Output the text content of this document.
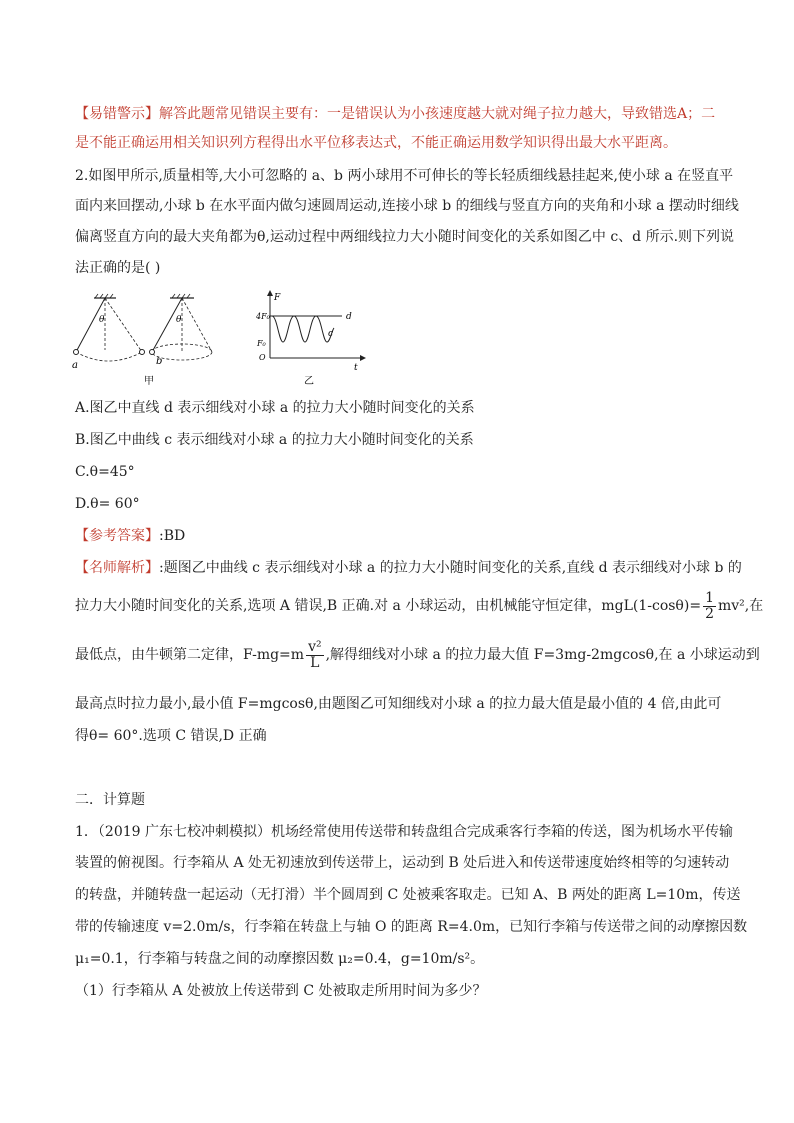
【易错警示】解答此题常见错误主要有：一是错误认为小孩速度越大就对绳子拉力越大，导致错选A；二
是不能正确运用相关知识列方程得出水平位移表达式，不能正确运用数学知识得出最大水平距离。
2.如图甲所示,质量相等,大小可忽略的 a、b 两小球用不可伸长的等长轻质细线悬挂起来,使小球 a 在竖直平
面内来回摆动,小球 b 在水平面内做匀速圆周运动,连接小球 b 的细线与竖直方向的夹角和小球 a 摆动时细线
偏离竖直方向的最大夹角都为θ,运动过程中两细线拉力大小随时间变化的关系如图乙中 c、d 所示.则下列说
法正确的是( )
θ
a
θ
b
甲
F
t
4F₀
F₀
O
d
c
乙
A.图乙中直线 d 表示细线对小球 a 的拉力大小随时间变化的关系
B.图乙中曲线 c 表示细线对小球 a 的拉力大小随时间变化的关系
C.θ=45°
D.θ= 60°
【参考答案】:BD
【名师解析】:题图乙中曲线 c 表示细线对小球 a 的拉力大小随时间变化的关系,直线 d 表示细线对小球 b 的
拉力大小随时间变化的关系,选项 A 错误,B 正确.对 a 小球运动，由机械能守恒定律，$mgL(1-\cos\theta)= \frac{1}{2} mv^2$,在
最低点，由牛顿第二定律，$F-mg=m \frac{\text{v²}}{L}$ ,解得细线对小球 a 的拉力最大值 F=3mg-2mgcosθ,在 a 小球运动到
最高点时拉力最小,最小值 F=mgcosθ,由题图乙可知细线对小球 a 的拉力最大值是最小值的 4 倍,由此可
得θ= 60°.选项 C 错误,D 正确
二．计算题
1．（2019 广东七校冲刺模拟）机场经常使用传送带和转盘组合完成乘客行李箱的传送，图为机场水平传输
装置的俯视图。行李箱从 A 处无初速放到传送带上，运动到 B 处后进入和传送带速度始终相等的匀速转动
的转盘，并随转盘一起运动（无打滑）半个圆周到 C 处被乘客取走。已知 A、B 两处的距离 L=10m，传送
带的传输速度 v=2.0m/s，行李箱在转盘上与轴 O 的距离 R=4.0m，已知行李箱与传送带之间的动摩擦因数
μ₁=0.1，行李箱与转盘之间的动摩擦因数 μ₂=0.4，g=10m/s²。
（1）行李箱从 A 处被放上传送带到 C 处被取走所用时间为多少？
